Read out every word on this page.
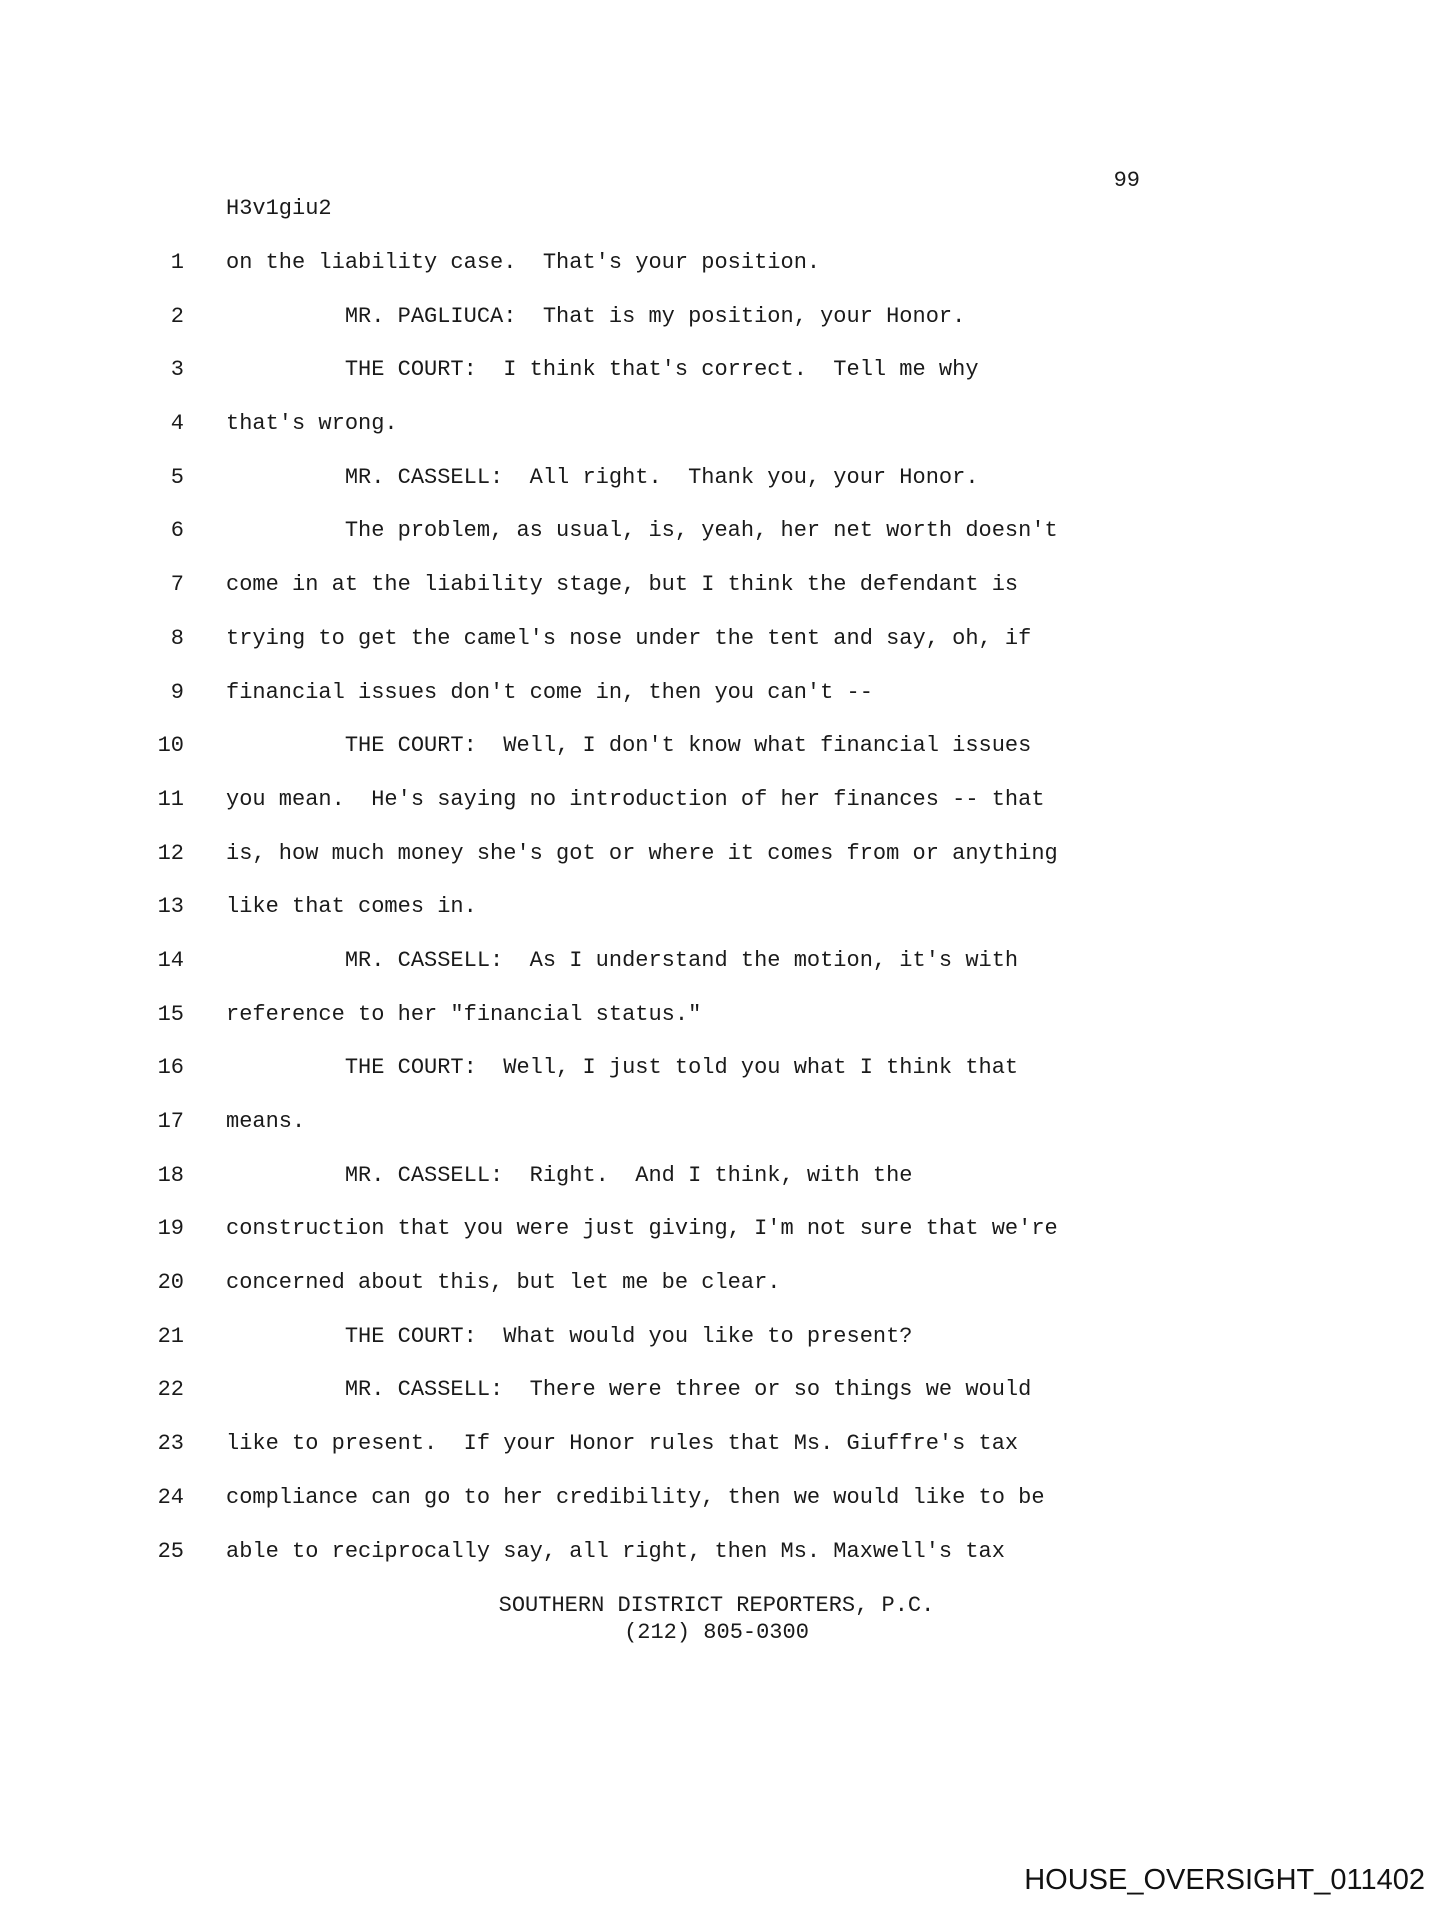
99
H3v1giu2
1 on the liability case.  That's your position.
2 MR. PAGLIUCA:  That is my position, your Honor.
3 THE COURT:  I think that's correct.  Tell me why
4 that's wrong.
5 MR. CASSELL:  All right.  Thank you, your Honor.
6 The problem, as usual, is, yeah, her net worth doesn't
7 come in at the liability stage, but I think the defendant is
8 trying to get the camel's nose under the tent and say, oh, if
9 financial issues don't come in, then you can't --
10 THE COURT:  Well, I don't know what financial issues
11 you mean.  He's saying no introduction of her finances -- that
12 is, how much money she's got or where it comes from or anything
13 like that comes in.
14 MR. CASSELL:  As I understand the motion, it's with
15 reference to her "financial status."
16 THE COURT:  Well, I just told you what I think that
17 means.
18 MR. CASSELL:  Right.  And I think, with the
19 construction that you were just giving, I'm not sure that we're
20 concerned about this, but let me be clear.
21 THE COURT:  What would you like to present?
22 MR. CASSELL:  There were three or so things we would
23 like to present.  If your Honor rules that Ms. Giuffre's tax
24 compliance can go to her credibility, then we would like to be
25 able to reciprocally say, all right, then Ms. Maxwell's tax
SOUTHERN DISTRICT REPORTERS, P.C.
(212) 805-0300
HOUSE_OVERSIGHT_011402
